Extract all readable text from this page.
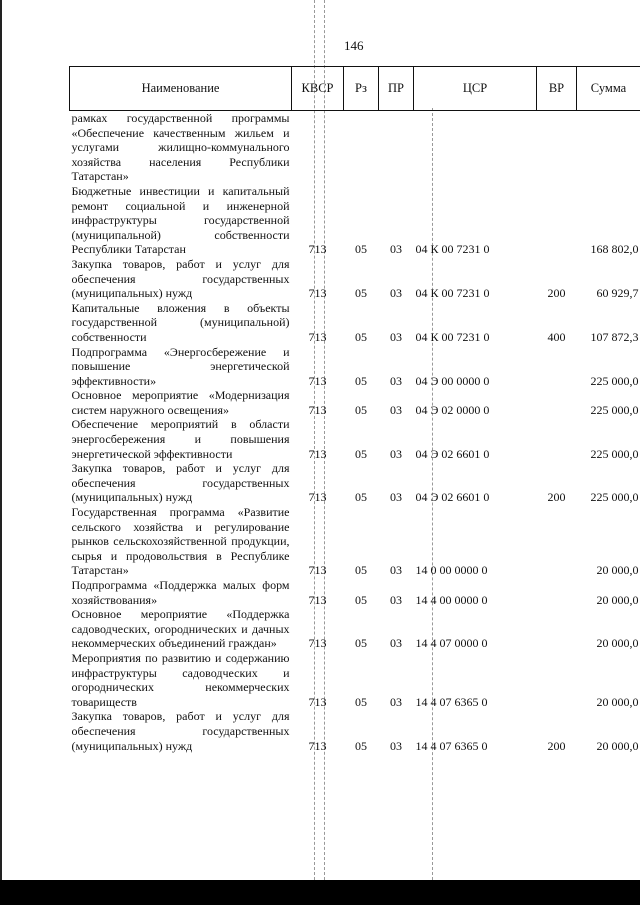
146
Наименование	КВСР	Рз	ПР	ЦСР	ВР	Сумма
рамках государственной программы «Обеспечение качественным жильем и услугами жилищно-коммунального хозяйства населения Республики Татарстан»						
Бюджетные инвестиции и капитальный ремонт социальной и инженерной инфраструктуры государственной (муниципальной) собственности Республики Татарстан	713	05	03	04 К 00 7231 0		168 802,0
Закупка товаров, работ и услуг для обеспечения государственных (муниципальных) нужд	713	05	03	04 К 00 7231 0	200	60 929,7
Капитальные вложения в объекты государственной (муниципальной) собственности	713	05	03	04 К 00 7231 0	400	107 872,3
Подпрограмма «Энергосбережение и повышение энергетической эффективности»	713	05	03	04 Э 00 0000 0		225 000,0
Основное мероприятие «Модернизация систем наружного освещения»	713	05	03	04 Э 02 0000 0		225 000,0
Обеспечение мероприятий в области энергосбережения и повышения энергетической эффективности	713	05	03	04 Э 02 6601 0		225 000,0
Закупка товаров, работ и услуг для обеспечения государственных (муниципальных) нужд	713	05	03	04 Э 02 6601 0	200	225 000,0
Государственная программа «Развитие сельского хозяйства и регулирование рынков сельскохозяйственной продукции, сырья и продовольствия в Республике Татарстан»	713	05	03	14 0 00 0000 0		20 000,0
Подпрограмма «Поддержка малых форм хозяйствования»	713	05	03	14 4 00 0000 0		20 000,0
Основное мероприятие «Поддержка садоводческих, огороднических и дачных некоммерческих объединений граждан»	713	05	03	14 4 07 0000 0		20 000,0
Мероприятия по развитию и содержанию инфраструктуры садоводческих и огороднических некоммерческих товариществ	713	05	03	14 4 07 6365 0		20 000,0
Закупка товаров, работ и услуг для обеспечения государственных (муниципальных) нужд	713	05	03	14 4 07 6365 0	200	20 000,0
